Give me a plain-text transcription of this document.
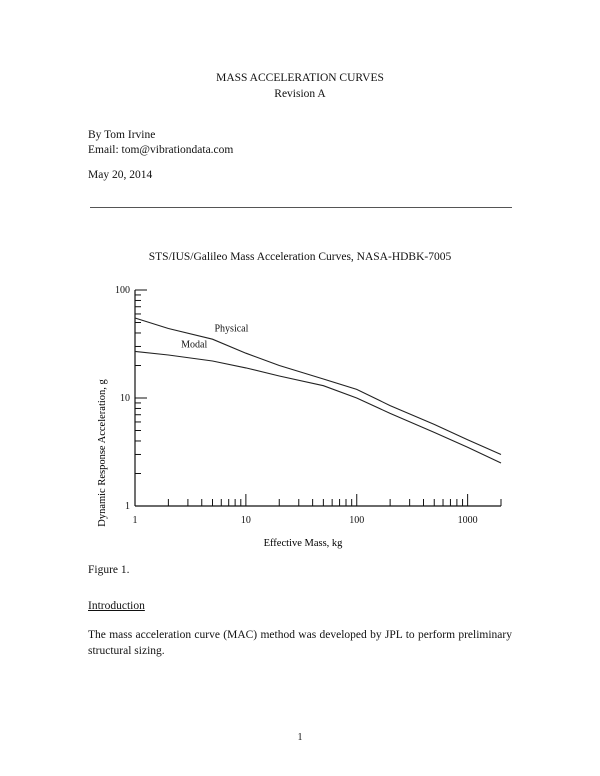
MASS ACCELERATION CURVES
Revision A
By Tom Irvine
Email: tom@vibrationdata.com
May 20, 2014
STS/IUS/Galileo Mass Acceleration Curves, NASA-HDBK-7005
1	10	100	1000
1
10
100
Physical
Modal
Effective Mass, kg
Dynamic Response Acceleration, g
Figure 1.
Introduction
The mass acceleration curve (MAC) method was developed by JPL to perform preliminary structural sizing.
1
